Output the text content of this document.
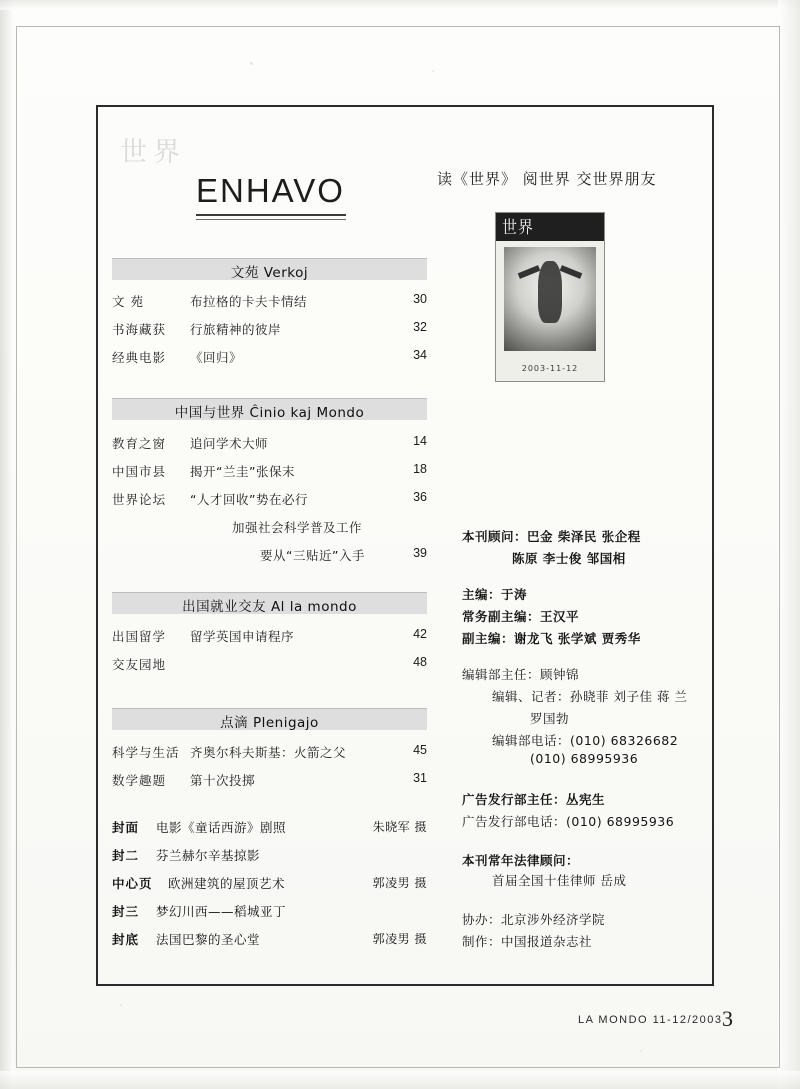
世界
ENHAVO	读《世界》 阅世界 交世界朋友
世界
2003-11-12
文苑 Verkoj
文 苑	布拉格的卡夫卡情结	30
书海藏获	行旅精神的彼岸	32
经典电影	《回归》	34
中国与世界 Ĉinio kaj Mondo
教育之窗	追问学术大师	14
中国市县	揭开“兰圭”张保末	18
世界论坛	“人才回收”势在必行	36
加强社会科学普及工作
要从“三贴近”入手	39
出国就业交友 Al la mondo
出国留学	留学英国申请程序	42
交友园地	48
点滴 Plenigajo
科学与生活 齐奥尔科夫斯基：火箭之父	45
数学趣题	第十次投掷	31
封面 电影《童话西游》剧照	朱晓军 摄
封二 芬兰赫尔辛基掠影
中心页 欧洲建筑的屋顶艺术	郭凌男 摄
封三 梦幻川西——稻城亚丁
封底 法国巴黎的圣心堂	郭凌男 摄
本刊顾问：巴金 柴泽民 张企程
陈原 李士俊 邹国相
主编：于涛
常务副主编：王汉平
副主编：谢龙飞 张学斌 贾秀华
编辑部主任：顾钟锦
编辑、记者：孙晓菲 刘子佳 蒋 兰
罗国勃
编辑部电话：(010) 68326682
(010) 68995936
广告发行部主任：丛宪生
广告发行部电话：(010) 68995936
本刊常年法律顾问：
首届全国十佳律师 岳成
协办：北京涉外经济学院
制作：中国报道杂志社
LA MONDO 11-12/2003 3
